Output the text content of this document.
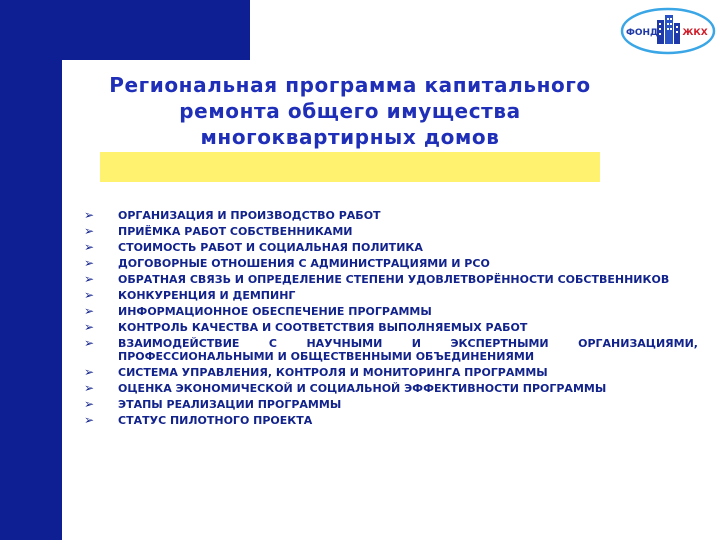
Региональная программа капитального
ремонта общего имущества
многоквартирных домов
ФОНД	ЖКХ
➢ ОРГАНИЗАЦИЯ И ПРОИЗВОДСТВО РАБОТ
➢ ПРИЁМКА РАБОТ СОБСТВЕННИКАМИ
➢ СТОИМОСТЬ РАБОТ И СОЦИАЛЬНАЯ ПОЛИТИКА
➢ ДОГОВОРНЫЕ ОТНОШЕНИЯ С АДМИНИСТРАЦИЯМИ И РСО
➢ ОБРАТНАЯ СВЯЗЬ И ОПРЕДЕЛЕНИЕ СТЕПЕНИ УДОВЛЕТВОРЁННОСТИ СОБСТВЕННИКОВ
➢ КОНКУРЕНЦИЯ И ДЕМПИНГ
➢ ИНФОРМАЦИОННОЕ ОБЕСПЕЧЕНИЕ ПРОГРАММЫ
➢ КОНТРОЛЬ КАЧЕСТВА И СООТВЕТСТВИЯ ВЫПОЛНЯЕМЫХ РАБОТ
➢ ВЗАИМОДЕЙСТВИЕ С НАУЧНЫМИ И ЭКСПЕРТНЫМИ ОРГАНИЗАЦИЯМИ, ПРОФЕССИОНАЛЬНЫМИ И ОБЩЕСТВЕННЫМИ ОБЪЕДИНЕНИЯМИ
➢ СИСТЕМА УПРАВЛЕНИЯ, КОНТРОЛЯ И МОНИТОРИНГА ПРОГРАММЫ
➢ ОЦЕНКА ЭКОНОМИЧЕСКОЙ И СОЦИАЛЬНОЙ ЭФФЕКТИВНОСТИ ПРОГРАММЫ
➢ ЭТАПЫ РЕАЛИЗАЦИИ ПРОГРАММЫ
➢ СТАТУС ПИЛОТНОГО ПРОЕКТА
